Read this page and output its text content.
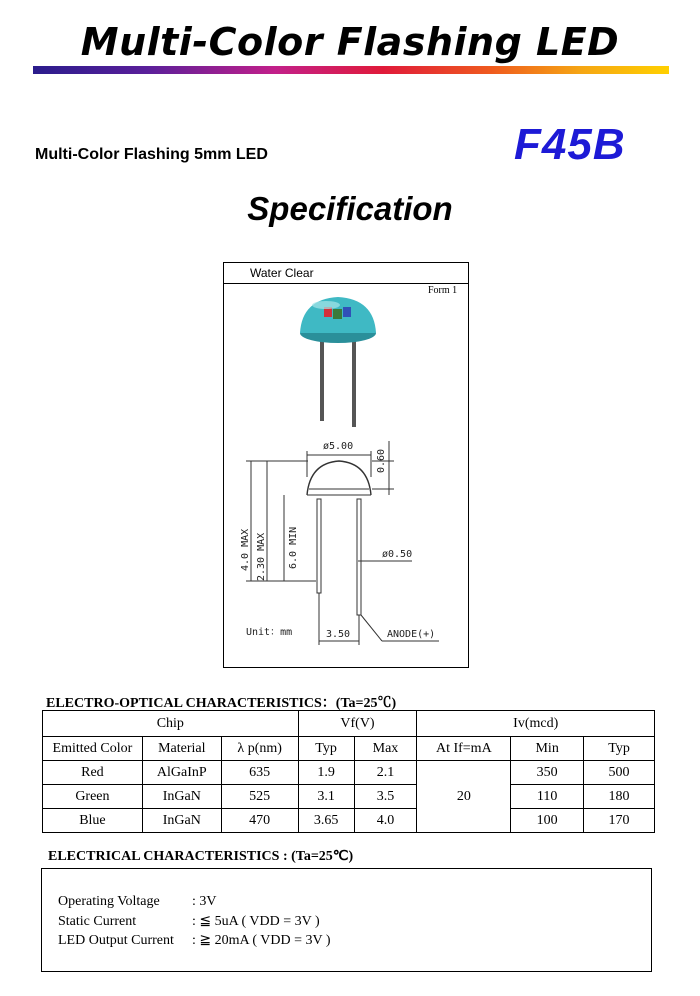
Multi-Color Flashing LED
Multi-Color Flashing 5mm LED	F45B
Specification
ø5.00
0.60
4.0 MAX 2.30 MAX 6.0 MIN	ø0.50
3.50
Unit：mm	ANODE(+)
Water Clear
Form 1
ELECTRO-OPTICAL CHARACTERISTICS：(Ta=25℃)
Chip			Vf(V)		Iv(mcd)		
Emitted Color	Material	λ p(nm)	Typ	Max	At If=mA	Min	Typ
Red	AlGaInP	635	1.9	2.1	20	350	500
Green	InGaN	525	3.1	3.5		110	180
Blue	InGaN	470	3.65	4.0		100	170
ELECTRICAL CHARACTERISTICS : (Ta=25℃)
Operating Voltage : 3V
Static Current	: ≦ 5uA ( VDD = 3V )
LED Output Current : ≧ 20mA ( VDD = 3V )
